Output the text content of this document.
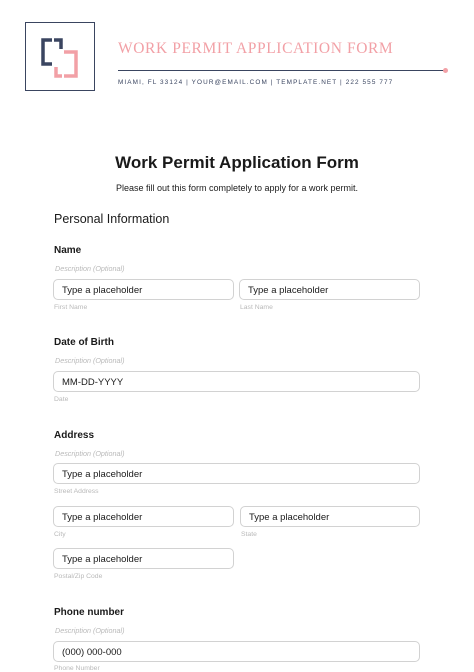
WORK PERMIT APPLICATION FORM
MIAMI, FL 33124 | YOUR@EMAIL.COM | TEMPLATE.NET | 222 555 777
Work Permit Application Form
Please fill out this form completely to apply for a work permit.
Personal Information
Name
Description (Optional)
Type a placeholder
First Name
Type a placeholder
Last Name
Date of Birth
Description (Optional)
MM-DD-YYYY
Date
Address
Description (Optional)
Type a placeholder
Street Address
Type a placeholder
City
Type a placeholder
State
Type a placeholder
Postal/Zip Code
Phone number
Description (Optional)
(000) 000-000
Phone Number
